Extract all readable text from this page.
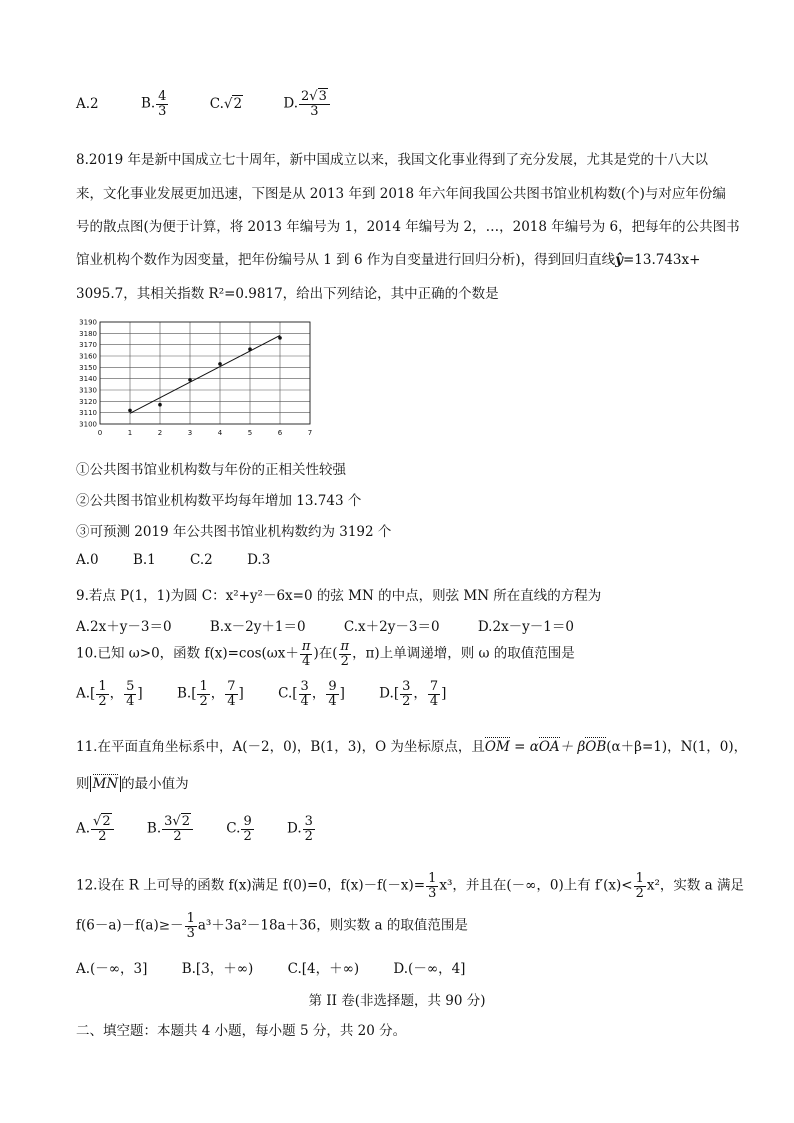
A.2	B. $\frac{4}{3}$	C.√2	D. $\frac{2√3}{3}$
8.2019 年是新中国成立七十周年，新中国成立以来，我国文化事业得到了充分发展，尤其是党的十八大以
来，文化事业发展更加迅速，下图是从 2013 年到 2018 年六年间我国公共图书馆业机构数(个)与对应年份编
号的散点图(为便于计算，将 2013 年编号为 1，2014 年编号为 2，…，2018 年编号为 6，把每年的公共图书
馆业机构个数作为因变量，把年份编号从 1 到 6 作为自变量进行回归分析)，得到回归直线ŷ=13.743x+
3095.7，其相关指数 R²=0.9817，给出下列结论，其中正确的个数是
3100
3110
3120
3130
3140
3150
3160
3170
3180
3190
0	1	2	3	4	5	6	7
①公共图书馆业机构数与年份的正相关性较强
②公共图书馆业机构数平均每年增加 13.743 个
③可预测 2019 年公共图书馆业机构数约为 3192 个
A.0	B.1	C.2	D.3
9.若点 P(1，1)为圆 C：x²+y²－6x=0 的弦 MN 的中点，则弦 MN 所在直线的方程为
A.2x＋y－3＝0	B.x－2y＋1＝0	C.x＋2y－3＝0	D.2x－y－1＝0
10.已知 ω>0，函数 $f(x)=\cos(\omega x+ \frac{\pi}{4}$ )在( $\frac{\pi}{2}$ ，π)上单调递增，则 ω 的取值范围是
$A.[ \frac{1}{2}$ ， $\frac{5}{4}$ ]	$B.[ \frac{1}{2}$ ， $\frac{7}{4}$ ]	$C.[ \frac{3}{4}$ ， $\frac{9}{4}$ ]	$D.[ \frac{3}{2}$ ， $\frac{7}{4}$ ]
11.在平面直角坐标系中，A(－2，0)，B(1，3)，O 为坐标原点，且OM = αOA＋ βOB(α＋β=1)，N(1，0)，
则 MN 的最小值为
A. $\frac{√2}{2} B$. $\frac{3√2}{2} C$. $\frac{9}{2} D$. $\frac{3}{2}$
12.设在 R 上可导的函数 f(x)满足 f(0)=0，$f(x)-f(-x)= \frac{1}{3} x^3$，并且在(－∞，0)上有 $f'(x)< \frac{1}{2} x^2$，实数 a 满足
$f(6-a)-f(a)\ge- \frac{1}{3} a^3+3a^2-18a+36$，则实数 a 的取值范围是
A.(－∞，3]	B.[3，＋∞)	C.[4，＋∞)	D.(－∞，4]
第 II 卷(非选择题，共 90 分)
二、填空题：本题共 4 小题，每小题 5 分，共 20 分。
